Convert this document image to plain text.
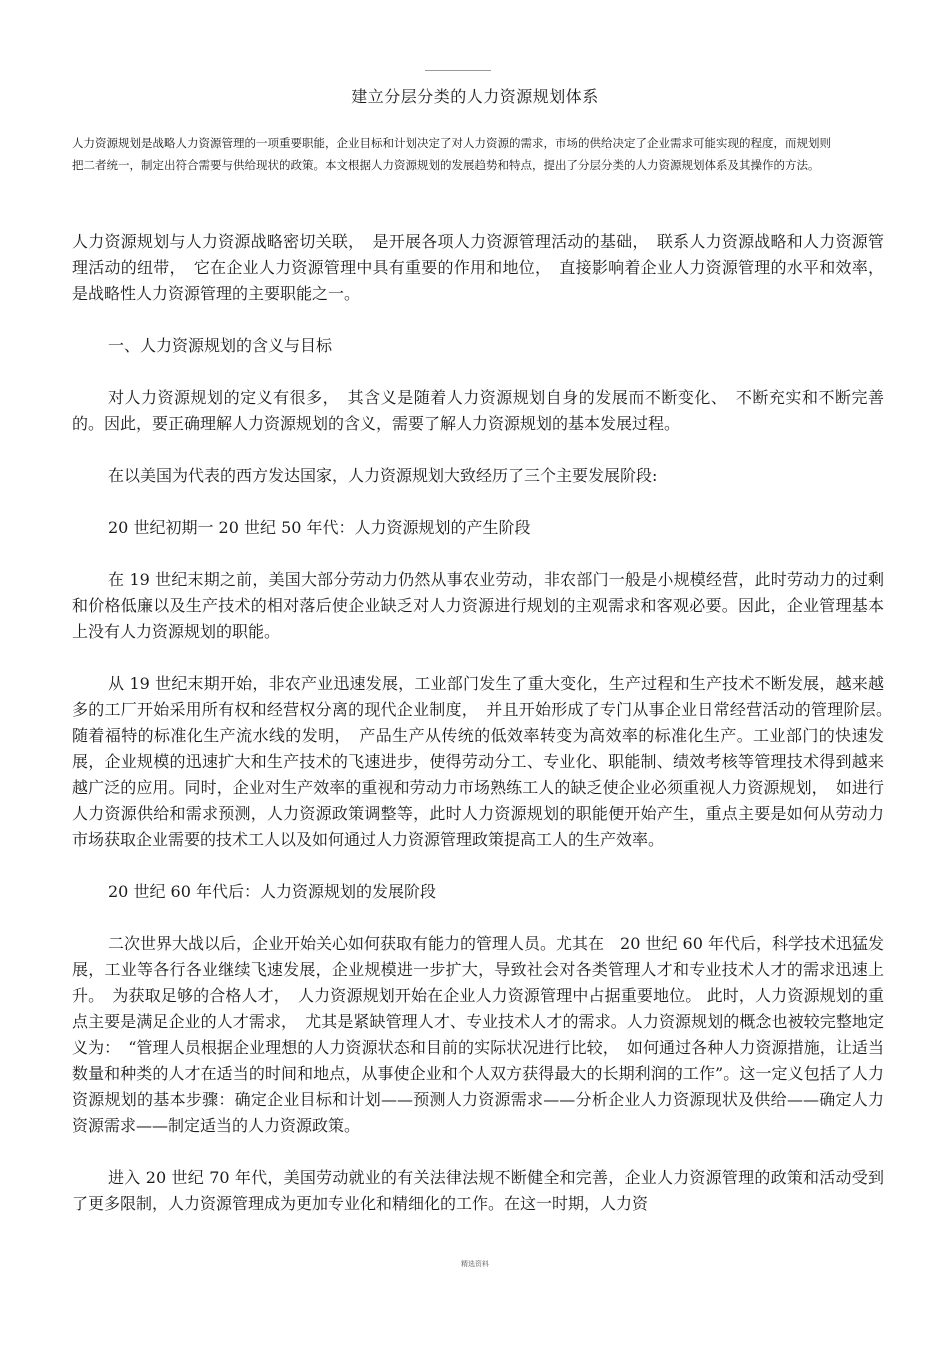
建立分层分类的人力资源规划体系
人力资源规划是战略人力资源管理的一项重要职能，企业目标和计划决定了对人力资源的需求，市场的供给决定了企业需求可能实现的程度，而规划则把二者统一，制定出符合需要与供给现状的政策。本文根据人力资源规划的发展趋势和特点，提出了分层分类的人力资源规划体系及其操作的方法。

人力资源规划与人力资源战略密切关联，　是开展各项人力资源管理活动的基础，　联系人力资源战略和人力资源管理活动的纽带，　它在企业人力资源管理中具有重要的作用和地位，　直接影响着企业人力资源管理的水平和效率，是战略性人力资源管理的主要职能之一。

一、人力资源规划的含义与目标

对人力资源规划的定义有很多，　其含义是随着人力资源规划自身的发展而不断变化、　不断充实和不断完善的。因此，要正确理解人力资源规划的含义，需要了解人力资源规划的基本发展过程。

在以美国为代表的西方发达国家，人力资源规划大致经历了三个主要发展阶段:

20 世纪初期一 20 世纪 50 年代：人力资源规划的产生阶段

在 19 世纪末期之前，美国大部分劳动力仍然从事农业劳动，非农部门一般是小规模经营，此时劳动力的过剩和价格低廉以及生产技术的相对落后使企业缺乏对人力资源进行规划的主观需求和客观必要。因此，企业管理基本上没有人力资源规划的职能。

从 19 世纪末期开始，非农产业迅速发展，工业部门发生了重大变化，生产过程和生产技术不断发展，越来越多的工厂开始采用所有权和经营权分离的现代企业制度，　并且开始形成了专门从事企业日常经营活动的管理阶层。　随着福特的标准化生产流水线的发明，　产品生产从传统的低效率转变为高效率的标准化生产。工业部门的快速发展，企业规模的迅速扩大和生产技术的飞速进步，使得劳动分工、专业化、职能制、绩效考核等管理技术得到越来越广泛的应用。同时，企业对生产效率的重视和劳动力市场熟练工人的缺乏使企业必须重视人力资源规划，　如进行人力资源供给和需求预测，人力资源政策调整等，此时人力资源规划的职能便开始产生，重点主要是如何从劳动力市场获取企业需要的技术工人以及如何通过人力资源管理政策提高工人的生产效率。

20 世纪 60 年代后：人力资源规划的发展阶段

二次世界大战以后，企业开始关心如何获取有能力的管理人员。尤其在　20 世纪 60 年代后，科学技术迅猛发展，工业等各行各业继续飞速发展，企业规模进一步扩大，导致社会对各类管理人才和专业技术人才的需求迅速上升。　为获取足够的合格人才，　人力资源规划开始在企业人力资源管理中占据重要地位。 此时，人力资源规划的重点主要是满足企业的人才需求，　尤其是紧缺管理人才、专业技术人才的需求。人力资源规划的概念也被较完整地定义为：　“管理人员根据企业理想的人力资源状态和目前的实际状况进行比较，　如何通过各种人力资源措施，让适当数量和种类的人才在适当的时间和地点，从事使企业和个人双方获得最大的长期利润的工作”。这一定义包括了人力资源规划的基本步骤：确定企业目标和计划——预测人力资源需求——分析企业人力资源现状及供给——确定人力资源需求——制定适当的人力资源政策。

进入 20 世纪 70 年代，美国劳动就业的有关法律法规不断健全和完善，企业人力资源管理的政策和活动受到了更多限制，人力资源管理成为更加专业化和精细化的工作。在这一时期，人力资

精选资料
